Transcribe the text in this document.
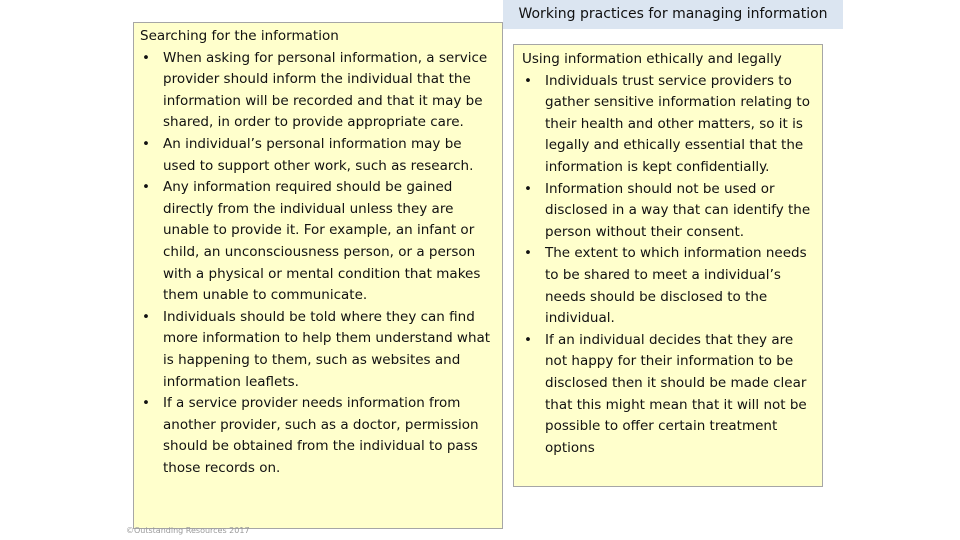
Working practices for managing information
Searching for the information
• When asking for personal information, a service provider should inform the individual that the information will be recorded and that it may be shared, in order to provide appropriate care.
• An individual’s personal information may be used to support other work, such as research.
• Any information required should be gained directly from the individual unless they are unable to provide it. For example, an infant or child, an unconsciousness person, or a person with a physical or mental condition that makes them unable to communicate.
• Individuals should be told where they can find more information to help them understand what is happening to them, such as websites and information leaflets.
• If a service provider needs information from another provider, such as a doctor, permission should be obtained from the individual to pass those records on.
Using information ethically and legally
• Individuals trust service providers to gather sensitive information relating to their health and other matters, so it is legally and ethically essential that the information is kept confidentially.
• Information should not be used or disclosed in a way that can identify the person without their consent.
• The extent to which information needs to be shared to meet a individual’s needs should be disclosed to the individual.
• If an individual decides that they are not happy for their information to be disclosed then it should be made clear that this might mean that it will not be possible to offer certain treatment options
©Outstanding Resources 2017
